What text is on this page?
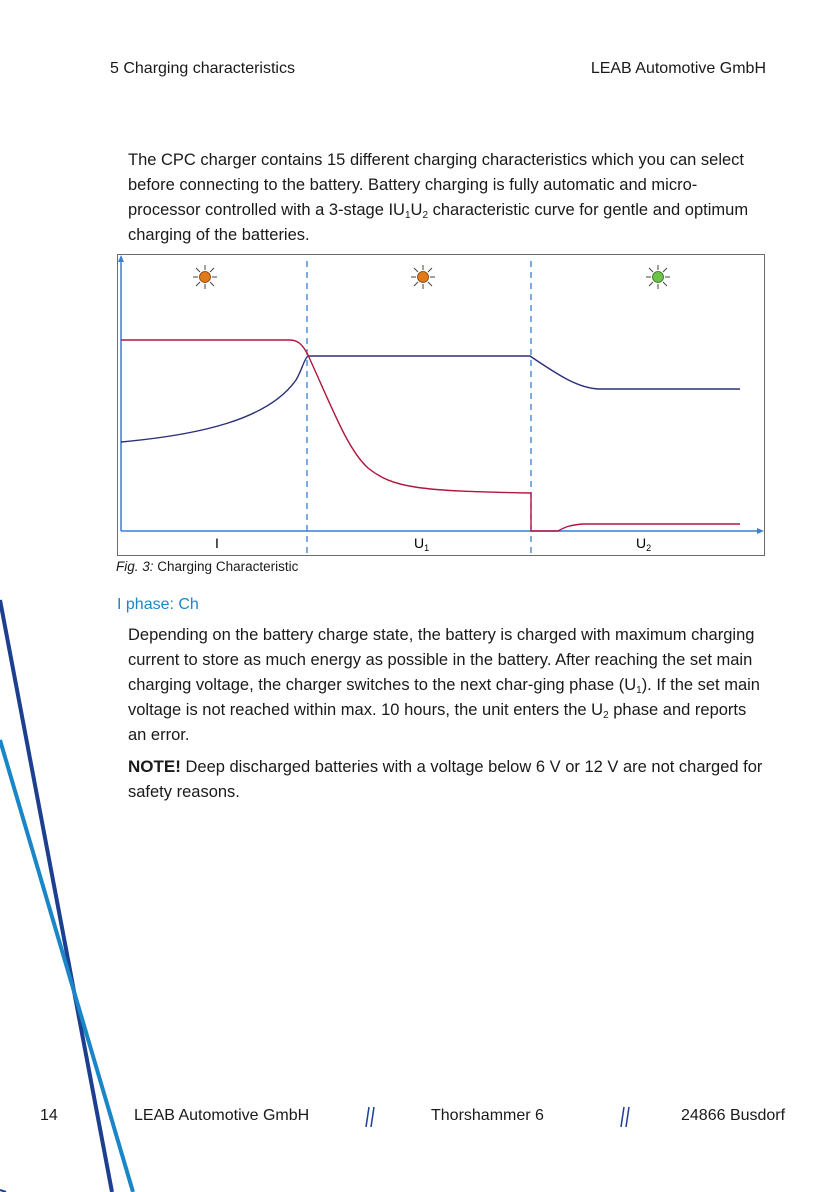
5 Charging characteristics	LEAB Automotive GmbH
The CPC charger contains 15 different charging characteristics which you can select before connecting to the battery. Battery charging is fully automatic and micro-processor controlled with a 3-stage $IU_1U_2$ characteristic curve for gentle and optimum charging of the batteries.
I	$U_1$	$U_2$
Fig. 3: Charging Characteristic
I phase: Ch
Depending on the battery charge state, the battery is charged with maximum charging current to store as much energy as possible in the battery. After reaching the set main charging voltage, the charger switches to the next char-ging phase $(U_1)$. If the set main voltage is not reached within max. 10 hours, the unit enters the $U_2$ phase and reports an error.
NOTE! Deep discharged batteries with a voltage below 6 V or 12 V are not charged for safety reasons.
14	LEAB Automotive GmbH	Thorshammer 6	24866 Busdorf
